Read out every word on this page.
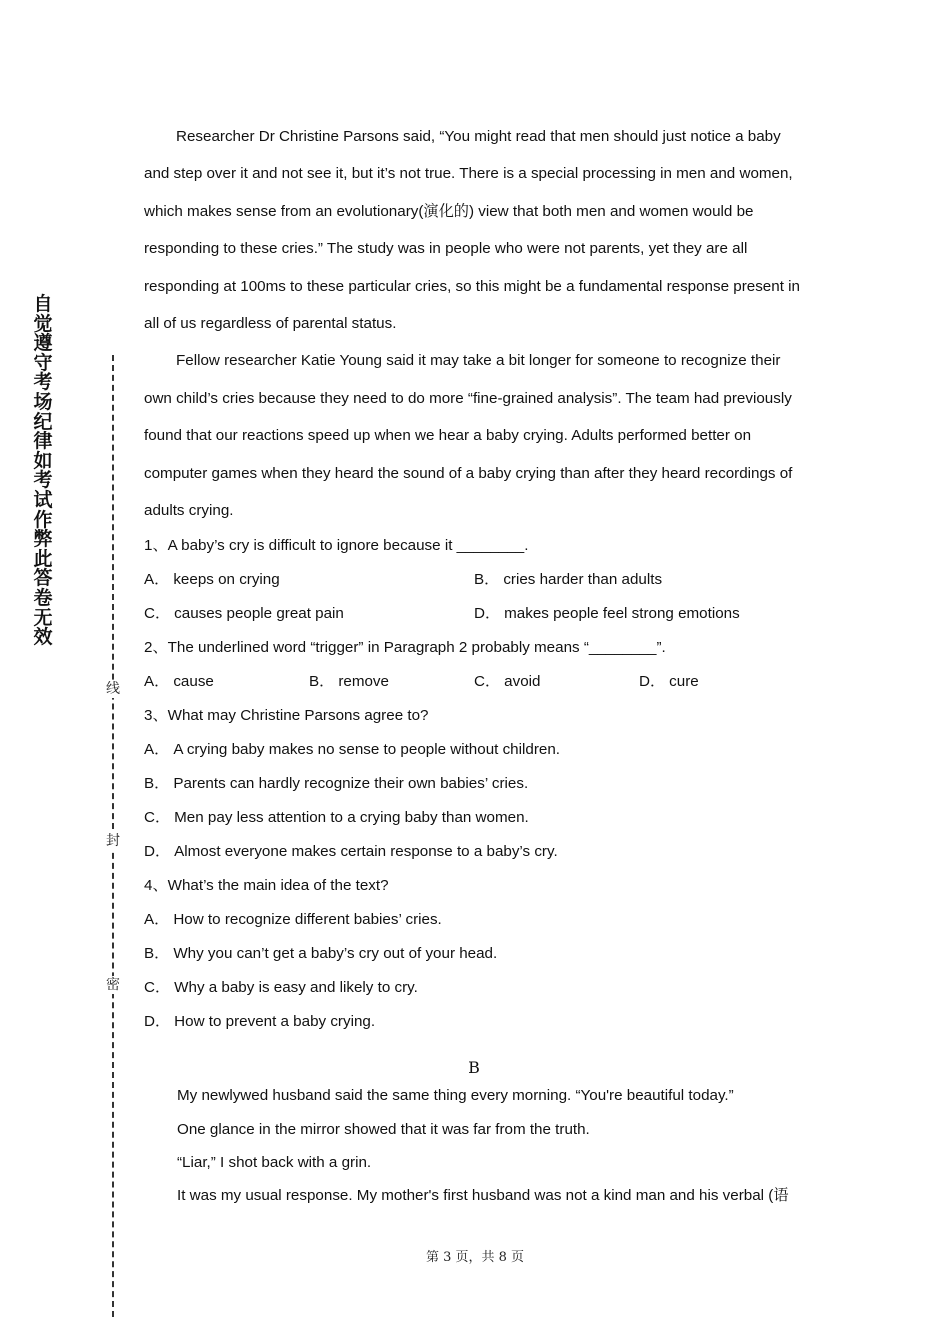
自觉遵守考场纪律如考试作弊此答卷无效
线
封
密

Researcher Dr Christine Parsons said, “You might read that men should just notice a baby and step over it and not see it, but it’s not true. There is a special processing in men and women, which makes sense from an evolutionary(演化的) view that both men and women would be responding to these cries.” The study was in people who were not parents, yet they are all responding at 100ms to these particular cries, so this might be a fundamental response present in all of us regardless of parental status.

Fellow researcher Katie Young said it may take a bit longer for someone to recognize their own child’s cries because they need to do more “fine-grained analysis”. The team had previously found that our reactions speed up when we hear a baby crying. Adults performed better on computer games when they heard the sound of a baby crying than after they heard recordings of adults crying.

1、A baby’s cry is difficult to ignore because it ________.

A． keeps on crying	B． cries harder than adults
C． causes people great pain	D． makes people feel strong emotions

2、The underlined word “trigger” in Paragraph 2 probably means “________”.

A． cause	B． remove	C． avoid	D． cure

3、What may Christine Parsons agree to?

A． A crying baby makes no sense to people without children.

B． Parents can hardly recognize their own babies’ cries.

C． Men pay less attention to a crying baby than women.

D． Almost everyone makes certain response to a baby’s cry.

4、What’s the main idea of the text?

A． How to recognize different babies’ cries.

B． Why you can’t get a baby’s cry out of your head.

C． Why a baby is easy and likely to cry.

D． How to prevent a baby crying.

B

My newlywed husband said the same thing every morning. “You're beautiful today.”

One glance in the mirror showed that it was far from the truth.

“Liar,” I shot back with a grin.

It was my usual response. My mother's first husband was not a kind man and his verbal (语

第 3 页，共 8 页
